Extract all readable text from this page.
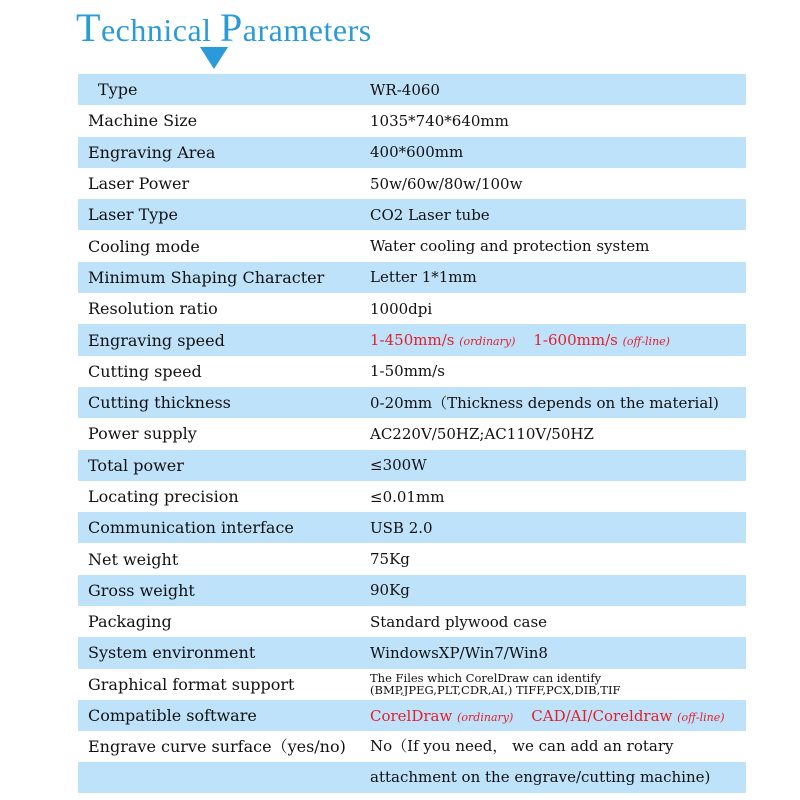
Technical Parameters
Type	WR-4060
Machine Size	1035*740*640mm
Engraving Area	400*600mm
Laser Power	50w/60w/80w/100w
Laser Type	CO2 Laser tube
Cooling mode	Water cooling and protection system
Minimum Shaping Character	Letter 1*1mm
Resolution ratio	1000dpi
Engraving speed	1-450mm/s (ordinary) 1-600mm/s (off-line)
Cutting speed	1-50mm/s
Cutting thickness	0-20mm（Thickness depends on the material)
Power supply	AC220V/50HZ;AC110V/50HZ
Total power	≤300W
Locating precision	≤0.01mm
Communication interface	USB 2.0
Net weight	75Kg
Gross weight	90Kg
Packaging	Standard plywood case
System environment	WindowsXP/Win7/Win8
Graphical format support	The Files which CorelDraw can identify
(BMP,JPEG,PLT,CDR,AI,) TIFF,PCX,DIB,TIF
Compatible software	CorelDraw (ordinary) CAD/AI/Coreldraw (off-line)
Engrave curve surface（yes/no)	No（If you need， we can add an rotary
attachment on the engrave/cutting machine)
